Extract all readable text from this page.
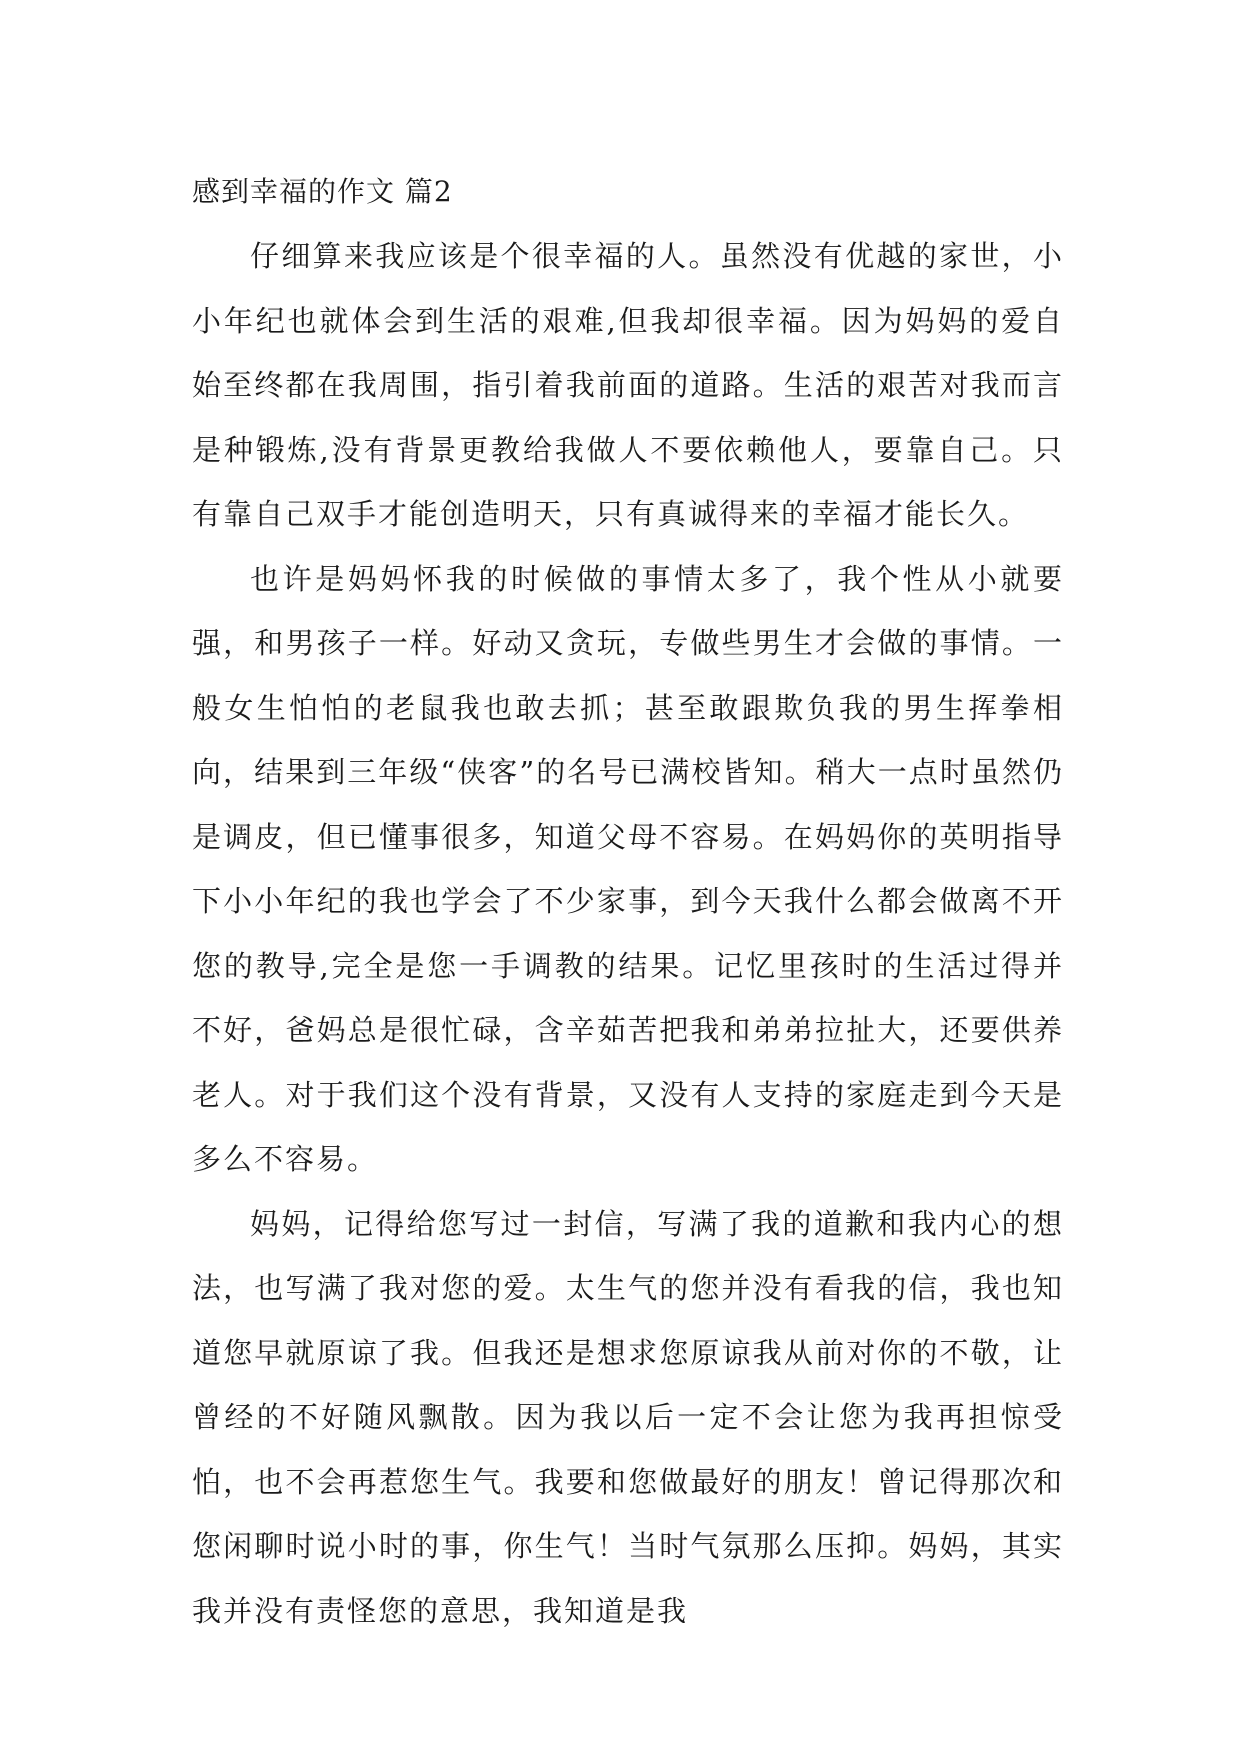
感到幸福的作文 篇2

仔细算来我应该是个很幸福的人。虽然没有优越的家世，小小年纪也就体会到生活的艰难,但我却很幸福。因为妈妈的爱自始至终都在我周围，指引着我前面的道路。生活的艰苦对我而言是种锻炼,没有背景更教给我做人不要依赖他人，要靠自己。只有靠自己双手才能创造明天，只有真诚得来的幸福才能长久。

也许是妈妈怀我的时候做的事情太多了，我个性从小就要强，和男孩子一样。好动又贪玩，专做些男生才会做的事情。一般女生怕怕的老鼠我也敢去抓；甚至敢跟欺负我的男生挥拳相向，结果到三年级“侠客”的名号已满校皆知。稍大一点时虽然仍是调皮，但已懂事很多，知道父母不容易。在妈妈你的英明指导下小小年纪的我也学会了不少家事，到今天我什么都会做离不开您的教导,完全是您一手调教的结果。记忆里孩时的生活过得并不好，爸妈总是很忙碌，含辛茹苦把我和弟弟拉扯大，还要供养老人。对于我们这个没有背景，又没有人支持的家庭走到今天是多么不容易。

妈妈，记得给您写过一封信，写满了我的道歉和我内心的想法，也写满了我对您的爱。太生气的您并没有看我的信，我也知道您早就原谅了我。但我还是想求您原谅我从前对你的不敬，让曾经的不好随风飘散。因为我以后一定不会让您为我再担惊受怕，也不会再惹您生气。我要和您做最好的朋友！曾记得那次和您闲聊时说小时的事，你生气！当时气氛那么压抑。妈妈，其实我并没有责怪您的意思，我知道是我
